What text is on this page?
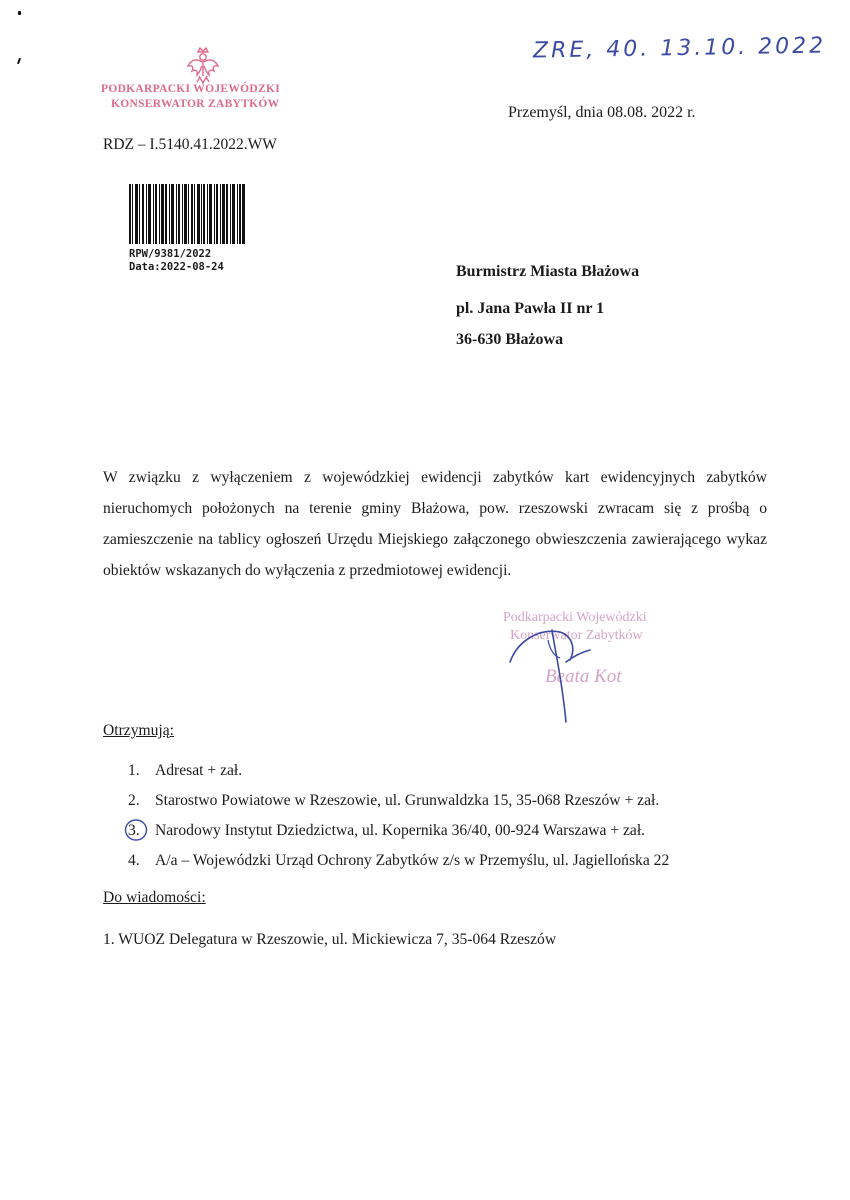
PODKARPACKI WOJEWÓDZKI
KONSERWATOR ZABYTKÓW
ZRE, 40. 13.10. 2022
Przemyśl, dnia 08.08. 2022 r.
RDZ – I.5140.41.2022.WW
RPW/9381/2022
Data:2022-08-24	Burmistrz Miasta Błażowa
pl. Jana Pawła II nr 1
36-630 Błażowa
W związku z wyłączeniem z wojewódzkiej ewidencji zabytków kart ewidencyjnych zabytków nieruchomych położonych na terenie gminy Błażowa, pow. rzeszowski zwracam się z prośbą o zamieszczenie na tablicy ogłoszeń Urzędu Miejskiego załączonego obwieszczenia zawierającego wykaz obiektów wskazanych do wyłączenia z przedmiotowej ewidencji.
Podkarpacki Wojewódzki
Konserwator Zabytków
Beata Kot
Otrzymują:
1. Adresat + zał.
2. Starostwo Powiatowe w Rzeszowie, ul. Grunwaldzka 15, 35-068 Rzeszów + zał.
3. Narodowy Instytut Dziedzictwa, ul. Kopernika 36/40, 00-924 Warszawa + zał.
4. A/a – Wojewódzki Urząd Ochrony Zabytków z/s w Przemyślu, ul. Jagiellońska 22
Do wiadomości:
1. WUOZ Delegatura w Rzeszowie, ul. Mickiewicza 7, 35-064 Rzeszów
